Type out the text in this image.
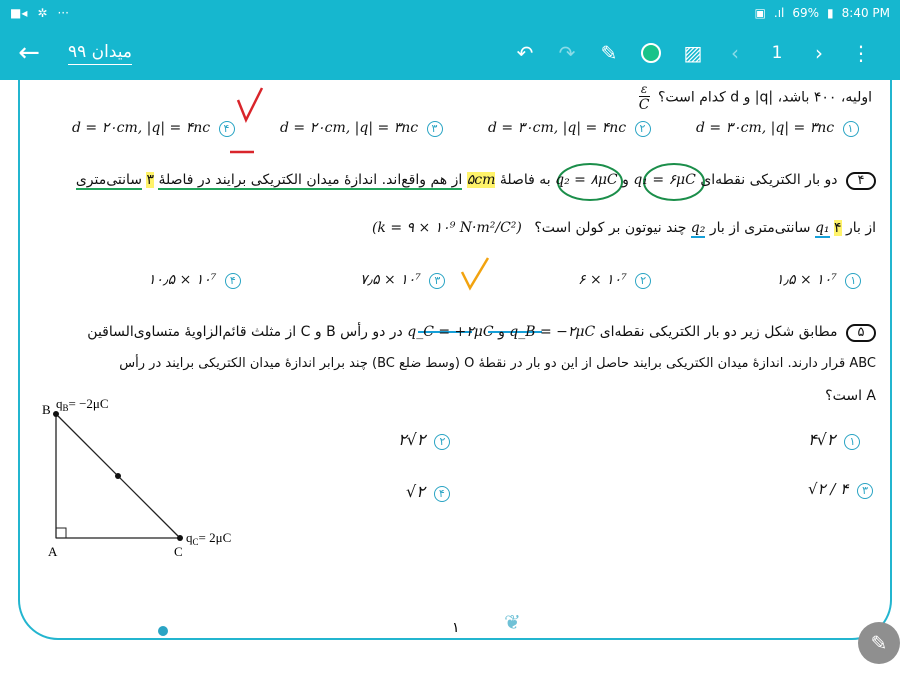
■◂ ✲ ···	▣ .ıl 69% ▮ 8:40 PM
←	میدان ۹۹	↶	↷	✎	▨	‹	1	›	⋮
اولیه، ۴۰۰ باشد، |q| و d کدام است؟
$\frac{\varepsilon}{C}$
d = ۲۰cm, |q| = ۴nc ۴	d = ۲۰cm, |q| = ۳nc ۳	d = ۳۰cm, |q| = ۴nc ۲	d = ۳۰cm, |q| = ۳nc ۱
۴ دو بار الکتریکی نقطه‌ای q₁ = ۶μC و q₂ = ۸μC به فاصلهٔ ۵cm از هم واقع‌اند. اندازهٔ میدان الکتریکی برایند در فاصلهٔ ۳ سانتی‌متری
از بار q₁ ۴ سانتی‌متری از بار q₂ چند نیوتون بر کولن است؟ (k = ۹ × ۱۰⁹ N·m²/C²)
۱۰٫۵ × ۱۰⁷ ۴	۷٫۵ × ۱۰⁷ ۳	۶ × ۱۰⁷ ۲	۱٫۵ × ۱۰⁷ ۱
۵ مطابق شکل زیر دو بار الکتریکی نقطه‌ای q_B = −۲μC و q_C = +۲μC در دو رأس B و C از مثلث قائم‌الزاویهٔ متساوی‌الساقین
ABC قرار دارند. اندازهٔ میدان الکتریکی برایند حاصل از این دو بار در نقطهٔ O (وسط ضلع BC) چند برابر اندازهٔ میدان الکتریکی برایند در رأس
A است؟
۲√۲ ۲	۴√۲ ۱
√۲ ۴	√۲ / ۴ ۳
B
A	C
$q_B= -2\mu C$
$q_C= 2\mu C$
۱ ❦
✎
